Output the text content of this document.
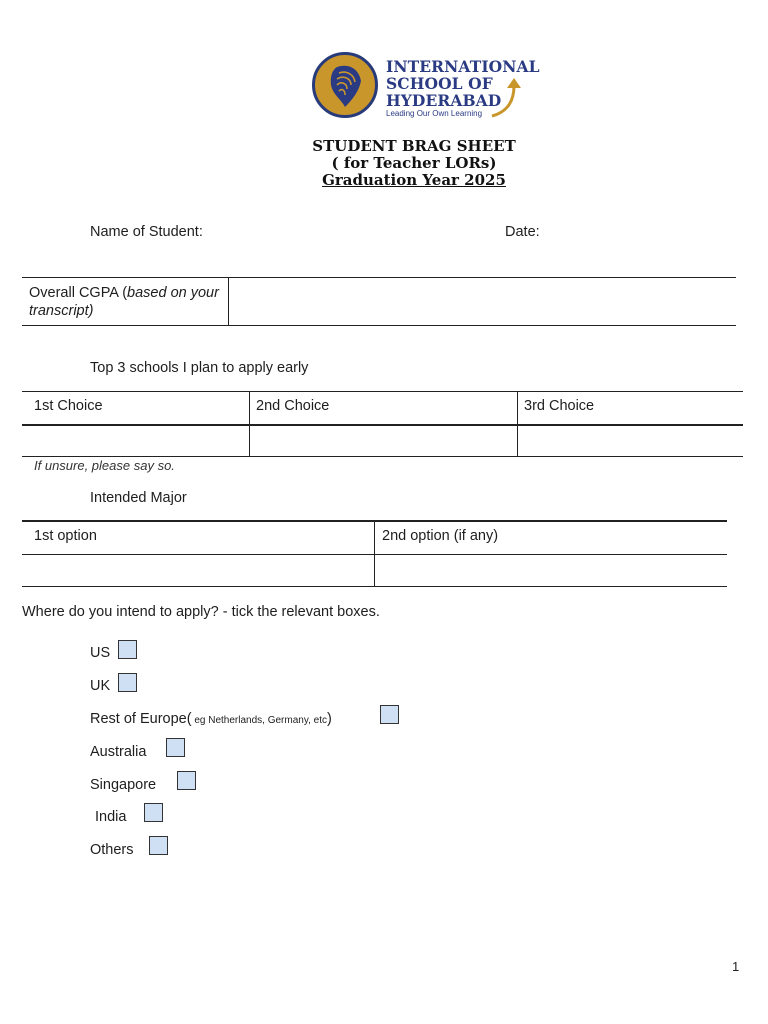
INTERNATIONAL
SCHOOL OF
HYDERABAD
Leading Our Own Learning
STUDENT BRAG SHEET
( for Teacher LORs)
Graduation Year 2025
Name of Student:	Date:
Overall CGPA (based on your transcript)
Top 3 schools I plan to apply early
1st Choice	2nd Choice	3rd Choice
If unsure, please say so.
Intended Major
1st option	2nd option (if any)
Where do you intend to apply? - tick the relevant boxes.
US
UK
Rest of Europe( eg Netherlands, Germany, etc)
Australia
Singapore
India
Others
1
